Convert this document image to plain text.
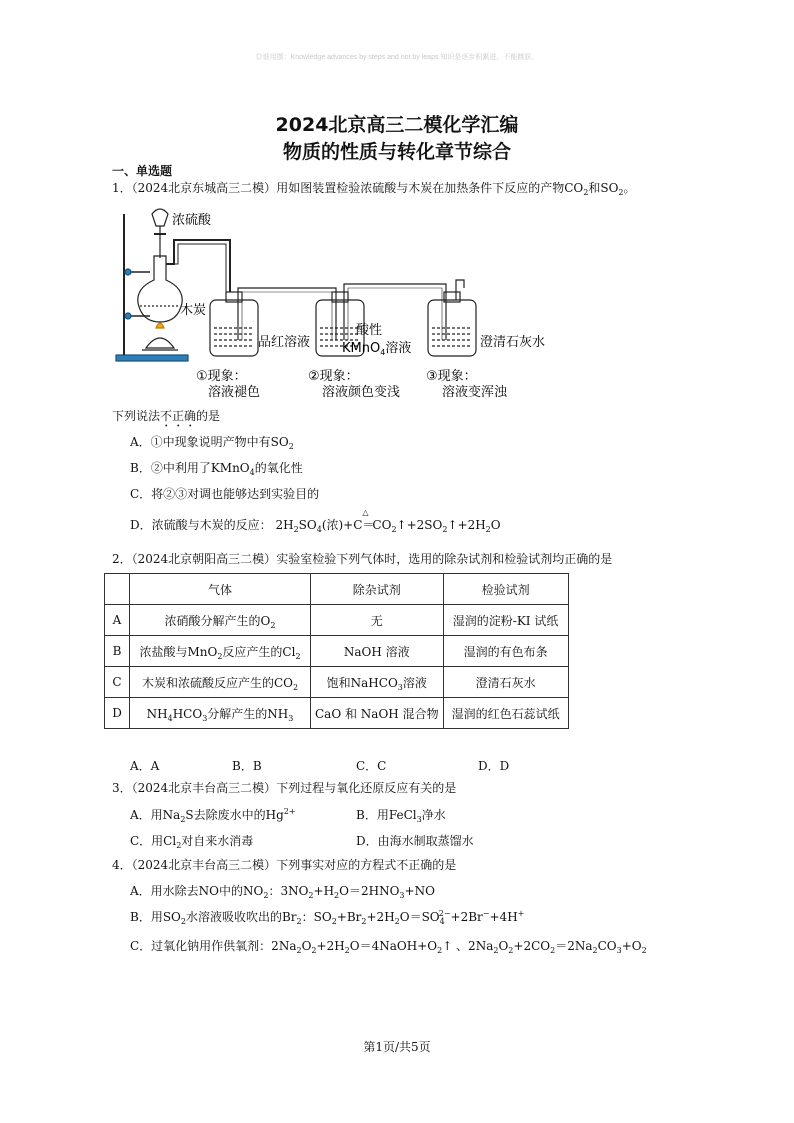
◎谁用摆：Knowledge advances by steps and not by leaps 知识是逐步积累进，不能跳跃。
2024北京高三二模化学汇编
物质的性质与转化章节综合
一、单选题
1．（2024北京东城高三二模）用如图装置检验浓硫酸与木炭在加热条件下反应的产物$CO_2$和$SO_2$。
浓硫酸
木炭
品红溶液
酸性
KMnO$_4$溶液	澄清石灰水
①现象：
溶液褪色
②现象：
溶液颜色变浅
③现象：
溶液变浑浊
下列说法不正确的是
A．①中现象说明产物中有$SO_2$
B．②中利用了KMnO$_4$的氧化性
C．将②③对调也能够达到实验目的
D．浓硫酸与木炭的反应： $2H_2SO_4$(浓)+C
△
$=CO_2↑+2SO_2↑+2H_2O$
2．（2024北京朝阳高三二模）实验室检验下列气体时，选用的除杂试剂和检验试剂均正确的是
	气体	除杂试剂	检验试剂
A	浓硝酸分解产生的$O_2$	无	湿润的淀粉-KI 试纸
B	浓盐酸与MnO$_2$反应产生的$Cl_2$	NaOH 溶液	湿润的有色布条
C	木炭和浓硫酸反应产生的$CO_2$	饱和NaHCO$_3$溶液	澄清石灰水
D	$NH_4HCO_3$分解产生的$NH_3$	CaO 和 NaOH 混合物	湿润的红色石蕊试纸
A．A	B．B	C．C	D．D
3．（2024北京丰台高三二模）下列过程与氧化还原反应有关的是
A．用$Na_2S$去除废水中的$Hg^{2+}$	B．用FeCl$_3$净水
C．用$Cl_2$对自来水消毒	D．由海水制取蒸馏水
4．（2024北京丰台高三二模）下列事实对应的方程式不正确的是
A．用水除去NO中的$NO_2$：$3NO_2+H_2O=2HNO_3+NO$
B．用$SO_2$水溶液吸收吹出的$Br_2$：$SO_2+Br_2+2H_2O=SO_4^{2-}+2Br^-+4H^+$
C．过氧化钠用作供氧剂：$2Na_2O_2+2H_2O=4NaOH+O_2↑$ 、$2Na_2O_2+2CO_2=2Na_2CO_3+O_2$
第1页/共5页
